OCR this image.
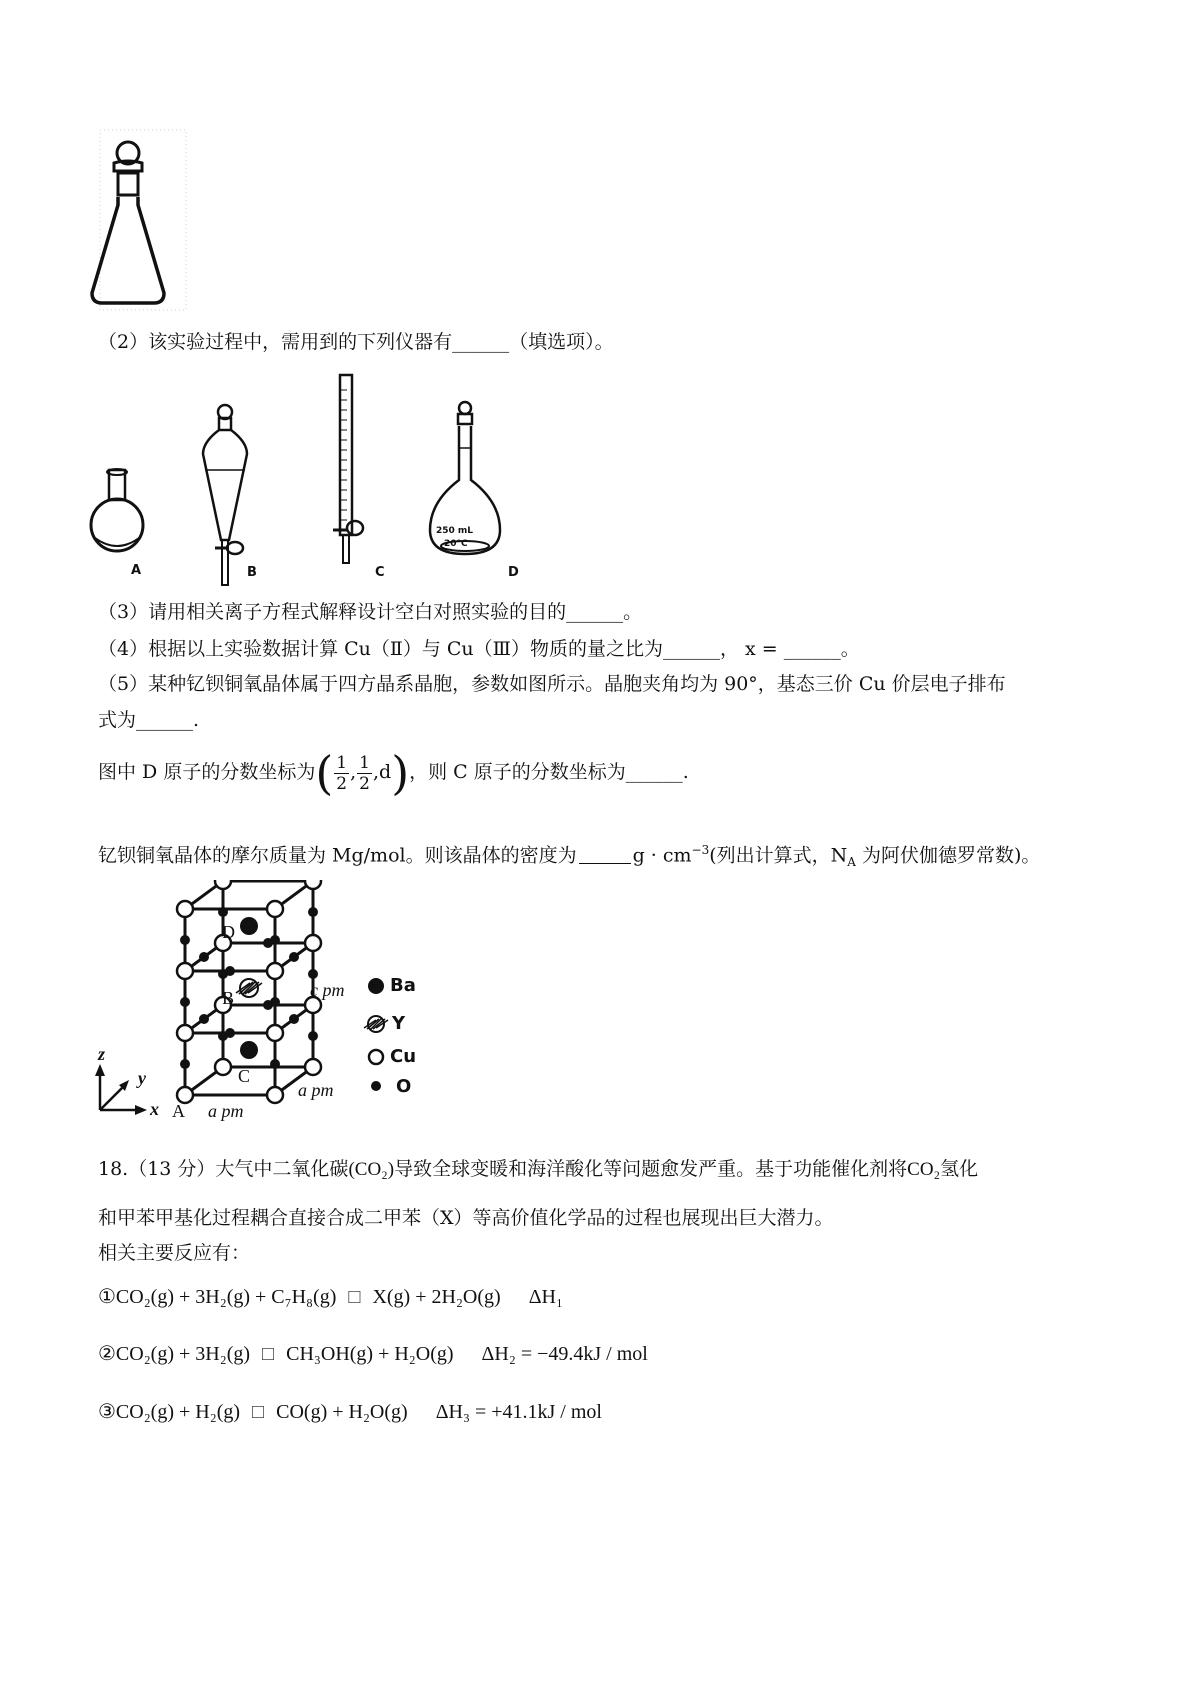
（2）该实验过程中，需用到的下列仪器有______（填选项）。
A	B	C	D
250 mL
20°C
（3）请用相关离子方程式解释设计空白对照实验的目的______。
（4）根据以上实验数据计算 Cu（Ⅱ）与 Cu（Ⅲ）物质的量之比为______， x = ______。
（5）某种钇钡铜氧晶体属于四方晶系晶胞，参数如图所示。晶胞夹角均为 90°，基态三价 Cu 价层电子排布
式为______.
图中 D 原子的分数坐标为( $\frac{1}{2}$ , $\frac{1}{2} ,d$)，则 C 原子的分数坐标为______.
钇钡铜氧晶体的摩尔质量为 Mg/mol。则该晶体的密度为	$g \cdot cm^{-3}$(列出计算式，$N_A$ 为阿伏伽德罗常数)。
D
B
C
A
z
y
x
c pm
a pm
a pm
Ba
Y
Cu
O
18.（13 分）大气中二氧化碳(CO₂)导致全球变暖和海洋酸化等问题愈发严重。基于功能催化剂将CO₂氢化
和甲苯甲基化过程耦合直接合成二甲苯（X）等高价值化学品的过程也展现出巨大潜力。
相关主要反应有：
①CO₂(g) + 3H₂(g) + C₇H₈(g) □ X(g) + 2H₂O(g) ΔH₁
②CO₂(g) + 3H₂(g) □ CH₃OH(g) + H₂O(g) ΔH₂ = −49.4kJ / mol
③CO₂(g) + H₂(g) □ CO(g) + H₂O(g) ΔH₃ = +41.1kJ / mol
